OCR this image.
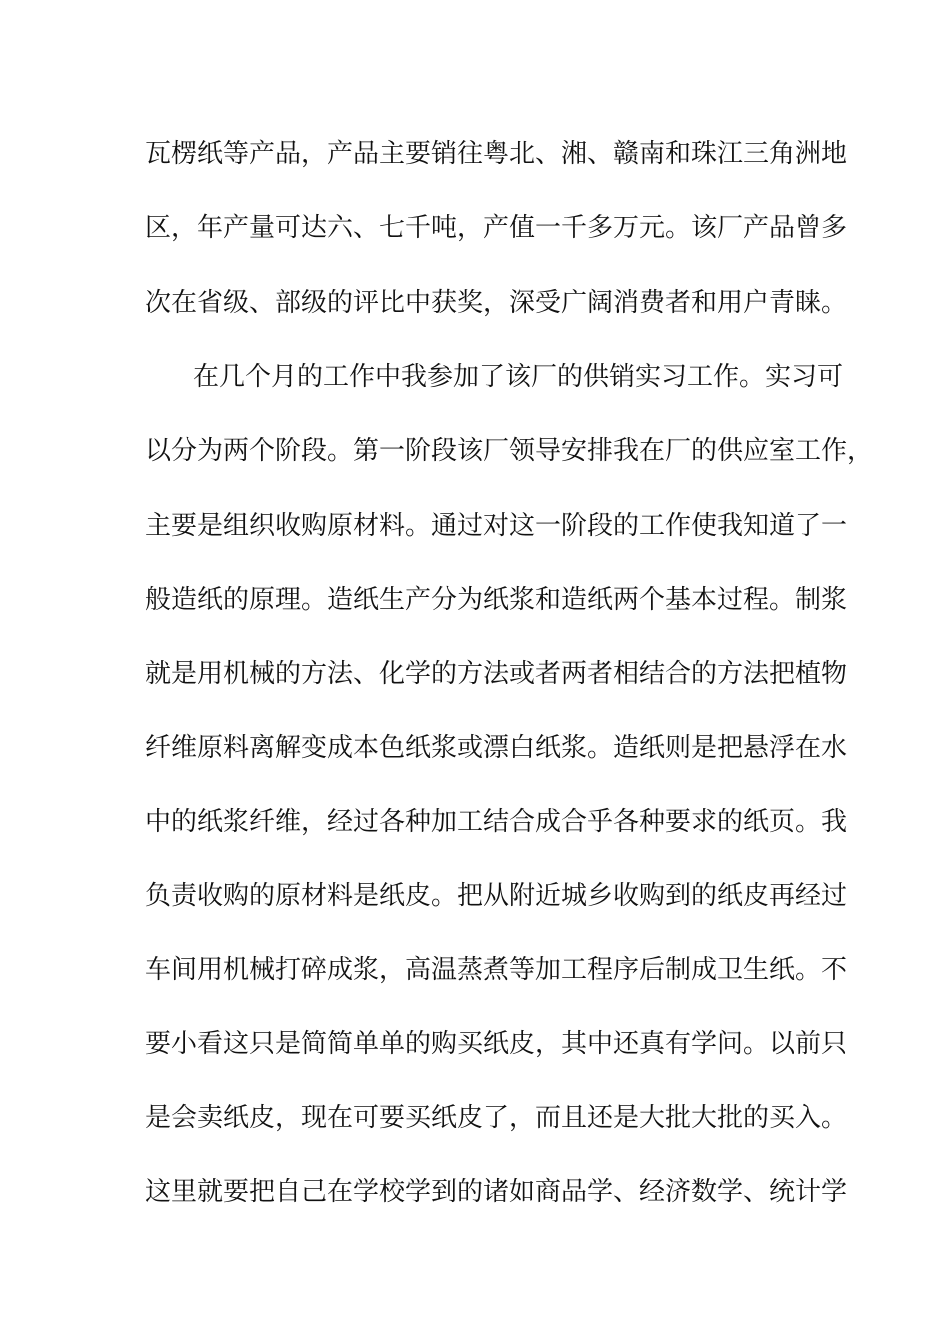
瓦楞纸等产品，产品主要销往粤北、湘、赣南和珠江三角洲地
区，年产量可达六、七千吨，产值一千多万元。该厂产品曾多
次在省级、部级的评比中获奖，深受广阔消费者和用户青睐。
在几个月的工作中我参加了该厂的供销实习工作。实习可
以分为两个阶段。第一阶段该厂领导安排我在厂的供应室工作，
主要是组织收购原材料。通过对这一阶段的工作使我知道了一
般造纸的原理。造纸生产分为纸浆和造纸两个基本过程。制浆
就是用机械的方法、化学的方法或者两者相结合的方法把植物
纤维原料离解变成本色纸浆或漂白纸浆。造纸则是把悬浮在水
中的纸浆纤维，经过各种加工结合成合乎各种要求的纸页。我
负责收购的原材料是纸皮。把从附近城乡收购到的纸皮再经过
车间用机械打碎成浆，高温蒸煮等加工程序后制成卫生纸。不
要小看这只是简简单单的购买纸皮，其中还真有学问。以前只
是会卖纸皮，现在可要买纸皮了，而且还是大批大批的买入。
这里就要把自己在学校学到的诸如商品学、经济数学、统计学
